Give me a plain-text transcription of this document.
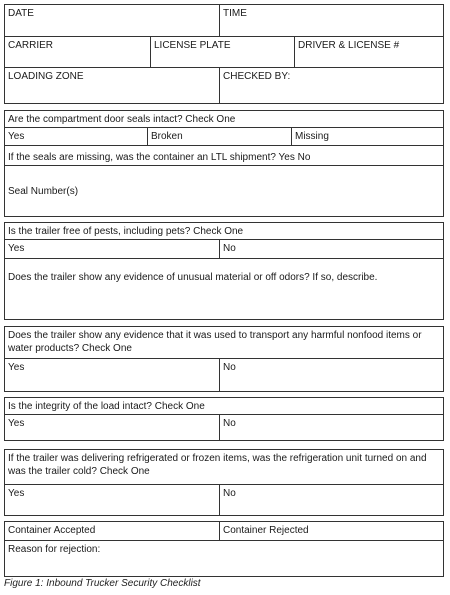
DATE	TIME
CARRIER	LICENSE PLATE	DRIVER & LICENSE #
LOADING ZONE	CHECKED BY:
Are the compartment door seals intact? Check One
Yes	Broken	Missing
If the seals are missing, was the container an LTL shipment? Yes No
Seal Number(s)
Is the trailer free of pests, including pets? Check One
Yes	No
Does the trailer show any evidence of unusual material or off odors? If so, describe.
Does the trailer show any evidence that it was used to transport any harmful nonfood items or water products? Check One
Yes	No
Is the integrity of the load intact? Check One
Yes	No
If the trailer was delivering refrigerated or frozen items, was the refrigeration unit turned on and was the trailer cold? Check One
Yes	No
Container Accepted	Container Rejected
Reason for rejection:
Figure 1: Inbound Trucker Security Checklist
